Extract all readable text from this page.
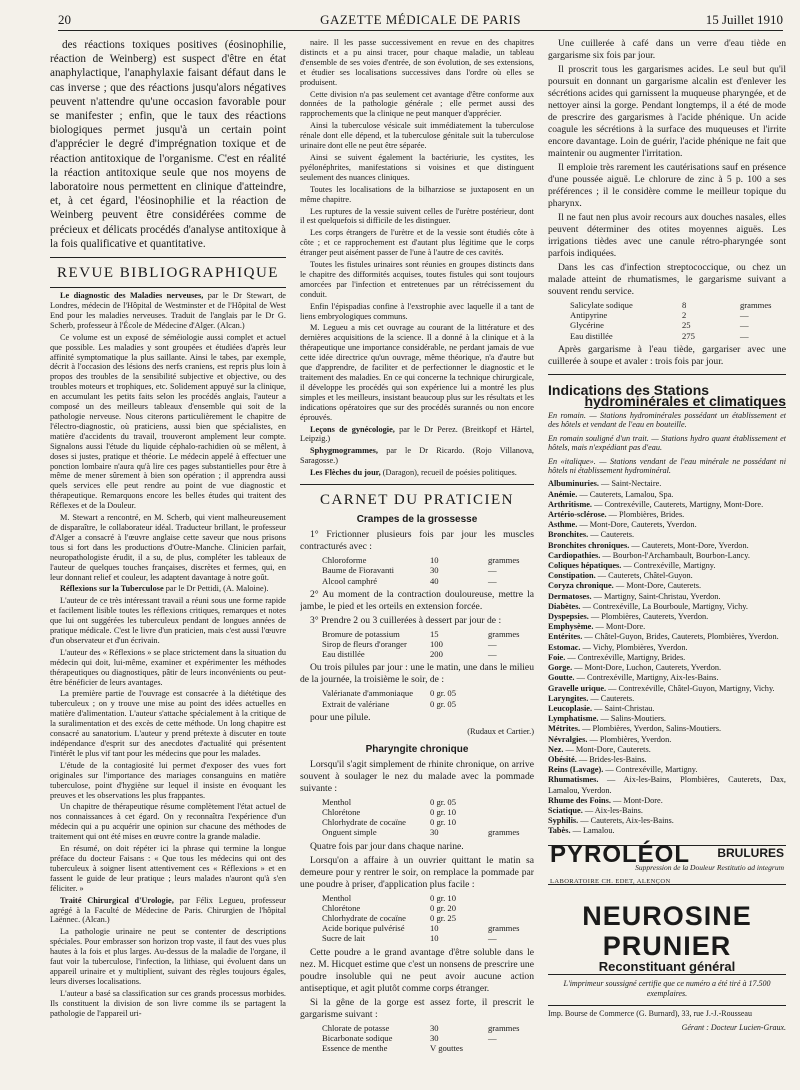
20	GAZETTE MÉDICALE DE PARIS	15 Juillet 1910

des réactions toxiques positives (éosinophilie, réaction de Weinberg) est suspect d'être en état anaphylactique, l'anaphylaxie faisant défaut dans le cas inverse ; que des réactions jusqu'alors négatives peuvent n'attendre qu'une occasion favorable pour se manifester ; enfin, que le taux des réactions biologiques permet jusqu'à un certain point d'apprécier le degré d'imprégnation toxique et de réaction antitoxique de l'organisme. C'est en réalité la réaction antitoxique seule que nos moyens de laboratoire nous permettent en clinique d'atteindre, et, à cet égard, l'éosinophilie et la réaction de Weinberg peuvent être considérées comme de précieux et délicats procédés d'analyse antitoxique à la fois qualificative et quantitative.

REVUE BIBLIOGRAPHIQUE

Le diagnostic des Maladies nerveuses, par le Dr Stewart, de Londres, médecin de l'Hôpital de Westminster et de l'Hôpital de West End pour les maladies nerveuses. Traduit de l'anglais par le Dr G. Scherb, professeur à l'École de Médecine d'Alger. (Alcan.)

Ce volume est un exposé de séméiologie aussi complet et actuel que possible. Les maladies y sont groupées et étudiées d'après leur affinité symptomatique la plus saillante. Ainsi le tabes, par exemple, décrit à l'occasion des lésions des nerfs craniens, est repris plus loin à propos des troubles de la sensibilité subjective et objective, ou des troubles moteurs et trophiques, etc. Solidement appuyé sur la clinique, en accumulant les petits faits selon les procédés anglais, l'auteur a composé un des meilleurs tableaux d'ensemble qui soit de la pathologie nerveuse. Nous citerons particulièrement le chapitre de l'électro-diagnostic, où praticiens, aussi bien que spécialistes, en matière d'accidents du travail, trouveront amplement leur compte. Signalons aussi l'étude du liquide céphalo-rachidien où se mêlent, à doses si justes, pratique et théorie. Le médecin appelé à effectuer une ponction lombaire n'aura qu'à lire ces pages substantielles pour être à même de mener sûrement à bien son opération ; il apprendra aussi quels services elle peut rendre au point de vue diagnostic et thérapeutique. Remarquons encore les belles études qui traitent des Réflexes et de la Douleur.

M. Stewart a rencontré, en M. Scherb, qui vient malheureusement de disparaître, le collaborateur idéal. Traducteur brillant, le professeur d'Alger a consacré à l'œuvre anglaise cette saveur que nous prisons tous si fort dans les productions d'Outre-Manche. Clinicien parfait, neuropathologiste érudit, il a su, de plus, compléter les tableaux de l'auteur de quelques touches françaises, discrètes et fermes, qui, en leur donnant relief et couleur, les adaptent davantage à notre goût.

Réflexions sur la Tuberculose par le Dr Pettidi, (A. Maloine).

L'auteur de ce très intéressant travail a réuni sous une forme rapide et facilement lisible toutes les réflexions critiques, remarques et notes que lui ont suggérées les tuberculeux pendant de longues années de pratique médicale. C'est le livre d'un praticien, mais c'est aussi l'œuvre d'un observateur et d'un écrivain.

L'auteur des « Réflexions » se place strictement dans la situation du médecin qui doit, lui-même, examiner et expérimenter les méthodes thérapeutiques ou diagnostiques, pâtir de leurs inconvénients ou peut-être bénéficier de leurs avantages.

La première partie de l'ouvrage est consacrée à la diététique des tuberculeux ; on y trouve une mise au point des idées actuelles en matière d'alimentation. L'auteur s'attache spécialement à la critique de la suralimentation et des excès de cette méthode. Un long chapitre est consacré au sanatorium. L'auteur y prend prétexte à discuter en toute indépendance d'esprit sur des anecdotes d'actualité qui présentent l'intérêt le plus vif tant pour les médecins que pour les malades.

L'étude de la contagiosité lui permet d'exposer des vues fort originales sur l'importance des mariages consanguins en matière tuberculose, point d'hygiène sur lequel il insiste en évoquant les preuves et les observations les plus frappantes.

Un chapitre de thérapeutique résume complètement l'état actuel de nos connaissances à cet égard. On y reconnaîtra l'expérience d'un médecin qui a pu acquérir une opinion sur chacune des méthodes de traitement qui ont été mises en œuvre contre la grande maladie.

En résumé, on doit répéter ici la phrase qui termine la longue préface du docteur Faisans : « Que tous les médecins qui ont des tuberculeux à soigner lisent attentivement ces « Réflexions » et en fassent le guide de leur pratique ; leurs malades n'auront qu'à s'en féliciter. »

Traité Chirurgical d'Urologie, par Félix Legueu, professeur agrégé à la Faculté de Médecine de Paris. Chirurgien de l'hôpital Laënnec. (Alcan.)

La pathologie urinaire ne peut se contenter de descriptions spéciales. Pour embrasser son horizon trop vaste, il faut des vues plus hautes à la fois et plus larges. Au-dessus de la maladie de l'organe, il faut voir la tuberculose, l'infection, la lithiase, qui évoluent dans un appareil urinaire et y multiplient, suivant des règles toujours égales, leurs diverses localisations.

L'auteur a basé sa classification sur ces grands processus morbides. Ils constituent la division de son livre comme ils se partagent la pathologie de l'appareil uri-

naire. Il les passe successivement en revue en des chapitres distincts et a pu ainsi tracer, pour chaque maladie, un tableau d'ensemble de ses voies d'entrée, de son évolution, de ses extensions, et étudier ses localisations successives dans l'ordre où elles se produisent.

Cette division n'a pas seulement cet avantage d'être conforme aux données de la pathologie générale ; elle permet aussi des rapprochements que la clinique ne peut manquer d'apprécier.

Ainsi la tuberculose vésicale suit immédiatement la tuberculose rénale dont elle dépend, et la tuberculose génitale suit la tuberculose urinaire dont elle ne peut être séparée.

Ainsi se suivent également la bactériurie, les cystites, les pyélonéphrites, manifestations si voisines et que distinguent seulement des nuances cliniques.

Toutes les localisations de la bilharziose se juxtaposent en un même chapitre.

Les ruptures de la vessie suivent celles de l'urètre postérieur, dont il est quelquefois si difficile de les distinguer.

Les corps étrangers de l'urètre et de la vessie sont étudiés côte à côte ; et ce rapprochement est d'autant plus légitime que le corps étranger peut aisément passer de l'une à l'autre de ces cavités.

Toutes les fistules urinaires sont réunies en groupes distincts dans le chapitre des difformités acquises, toutes fistules qui sont toujours amorcées par l'infection et entretenues par un rétrécissement du conduit.

Enfin l'épispadias confine à l'exstrophie avec laquelle il a tant de liens embryologiques communs.

M. Legueu a mis cet ouvrage au courant de la littérature et des dernières acquisitions de la science. Il a donné à la clinique et à la thérapeutique une importance considérable, ne perdant jamais de vue cette idée directrice qu'un ouvrage, même théorique, n'a d'autre but que d'apprendre, de faciliter et de perfectionner le diagnostic et le traitement des maladies. En ce qui concerne la technique chirurgicale, il développe les procédés qui son expérience lui a montré les plus simples et les meilleurs, insistant beaucoup plus sur les résultats et les indications opératoires que sur des procédés surannés ou non encore éprouvés.

Leçons de gynécologie, par le Dr Perez. (Breitkopf et Härtel, Leipzig.)

Sphygmogrammes, par le Dr Ricardo. (Rojo Villanova, Saragosse.)

Les Flèches du jour, (Daragon), recueil de poésies politiques.

CARNET DU PRATICIEN
Crampes de la grossesse

1° Frictionner plusieurs fois par jour les muscles contracturés avec :

Chloroforme	10	grammes
Baume de Fioravanti	30	—
Alcool camphré	40	—

2° Au moment de la contraction douloureuse, mettre la jambe, le pied et les orteils en extension forcée.

3° Prendre 2 ou 3 cuillerées à dessert par jour de :

Bromure de potassium	15	grammes
Sirop de fleurs d'oranger	100	—
Eau distillée	200	—

Ou trois pilules par jour : une le matin, une dans le milieu de la journée, la troisième le soir, de :

Valérianate d'ammoniaque	0 gr. 05
Extrait de valériane	0 gr. 05

pour une pilule.

(Rudaux et Cartier.)
Pharyngite chronique

Lorsqu'il s'agit simplement de rhinite chronique, on arrive souvent à soulager le nez du malade avec la pommade suivante :

Menthol	0 gr. 05
Chlorétone	0 gr. 10
Chlorhydrate de cocaïne	0 gr. 10
Onguent simple	30	grammes

Quatre fois par jour dans chaque narine.

Lorsqu'on a affaire à un ouvrier quittant le matin sa demeure pour y rentrer le soir, on remplace la pommade par une poudre à priser, d'application plus facile :

Menthol	0 gr. 10
Chlorétone	0 gr. 20
Chlorhydrate de cocaïne	0 gr. 25
Acide borique pulvérisé	10	grammes
Sucre de lait	10	—

Cette poudre a le grand avantage d'être soluble dans le nez. M. Hicquet estime que c'est un nonsens de prescrire une poudre insoluble qui ne peut avoir aucune action antiseptique, et agit plutôt comme corps étranger.

Si la gêne de la gorge est assez forte, il prescrit le gargarisme suivant :

Chlorate de potasse	30	grammes
Bicarbonate sodique	30	—
Essence de menthe	V gouttes

Une cuillerée à café dans un verre d'eau tiède en gargarisme six fois par jour.

Il proscrit tous les gargarismes acides. Le seul but qu'il poursuit en donnant un gargarisme alcalin est d'enlever les sécrétions acides qui garnissent la muqueuse pharyngée, et de nettoyer ainsi la gorge. Pendant longtemps, il a été de mode de prescrire des gargarismes à l'acide phénique. Un acide coagule les sécrétions à la surface des muqueuses et l'irrite encore davantage. Loin de guérir, l'acide phénique ne fait que maintenir ou augmenter l'irritation.

Il emploie très rarement les cautérisations sauf en présence d'une poussée aiguë. Le chlorure de zinc à 5 p. 100 a ses préférences ; il le considère comme le meilleur topique du pharynx.

Il ne faut nen plus avoir recours aux douches nasales, elles peuvent déterminer des otites moyennes aiguës. Les irrigations tièdes avec une canule rétro-pharyngée sont parfois indiquées.

Dans les cas d'infection streptococcique, ou chez un malade atteint de rhumatismes, le gargarisme suivant a souvent rendu service.

Salicylate sodique	8	grammes
Antipyrine	2	—
Glycérine	25	—
Eau distillée	275	—

Après gargarisme à l'eau tiède, gargariser avec une cuillerée à soupe et avaler : trois fois par jour.

Indications des Stations
hydrominérales et climatiques
En romain. — Stations hydrominérales possédant un établissement et des hôtels et vendant de l'eau en bouteille.
En romain souligné d'un trait. — Stations hydro quant établissement et hôtels, mais n'expédiant pas d'eau.
En «italique». — Stations vendant de l'eau minérale ne possédant ni hôtels ni établissement hydrominéral.
Albuminuries. — Saint-Nectaire.
Anémie. — Cauterets, Lamalou, Spa.
Arthritisme. — Contrexéville, Cauterets, Martigny, Mont-Dore.
Artério-sclérose. — Plombières, Brides.
Asthme. — Mont-Dore, Cauterets, Yverdon.
Bronchites. — Cauterets.
Bronchites chroniques. — Cauterets, Mont-Dore, Yverdon.
Cardiopathies. — Bourbon-l'Archambault, Bourbon-Lancy.
Coliques hépatiques. — Contrexéville, Martigny.
Constipation. — Cauterets, Châtel-Guyon.
Coryza chronique. — Mont-Dore, Cauterets.
Dermatoses. — Martigny, Saint-Christau, Yverdon.
Diabètes. — Contrexéville, La Bourboule, Martigny, Vichy.
Dyspepsies. — Plombières, Cauterets, Yverdon.
Emphysème. — Mont-Dore.
Entérites. — Châtel-Guyon, Brides, Cauterets, Plombières, Yverdon.
Estomac. — Vichy, Plombières, Yverdon.
Foie. — Contrexéville, Martigny, Brides.
Gorge. — Mont-Dore, Luchon, Cauterets, Yverdon.
Goutte. — Contrexéville, Martigny, Aix-les-Bains.
Gravelle urique. — Contrexéville, Châtel-Guyon, Martigny, Vichy.
Laryngites. — Cauterets.
Leucoplasie. — Saint-Christau.
Lymphatisme. — Salins-Moutiers.
Métrites. — Plombières, Yverdon, Salins-Moutiers.
Névralgies. — Plombières, Yverdon.
Nez. — Mont-Dore, Cauterets.
Obésité. — Brides-les-Bains.
Reins (Lavage). — Contrexéville, Martigny.
Rhumatismes. — Aix-les-Bains, Plombières, Cauterets, Dax, Lamalou, Yverdon.
Rhume des Foins. — Mont-Dore.
Sciatique. — Aix-les-Bains.
Syphilis. — Cauterets, Aix-les-Bains.
Tabès. — Lamalou.
PYROLÉOL BRULURES
Suppression de la Douleur Restitutio ad integrum
LABORATOIRE CH. EDET, ALENÇON
NEUROSINE PRUNIER
Reconstituant général
L'imprimeur soussigné certifie que ce numéro a été tiré à 17.500 exemplaires.
Imp. Bourse de Commerce (G. Burnard), 33, rue J.-J.-Rousseau
Gérant : Docteur Lucien-Graux.
